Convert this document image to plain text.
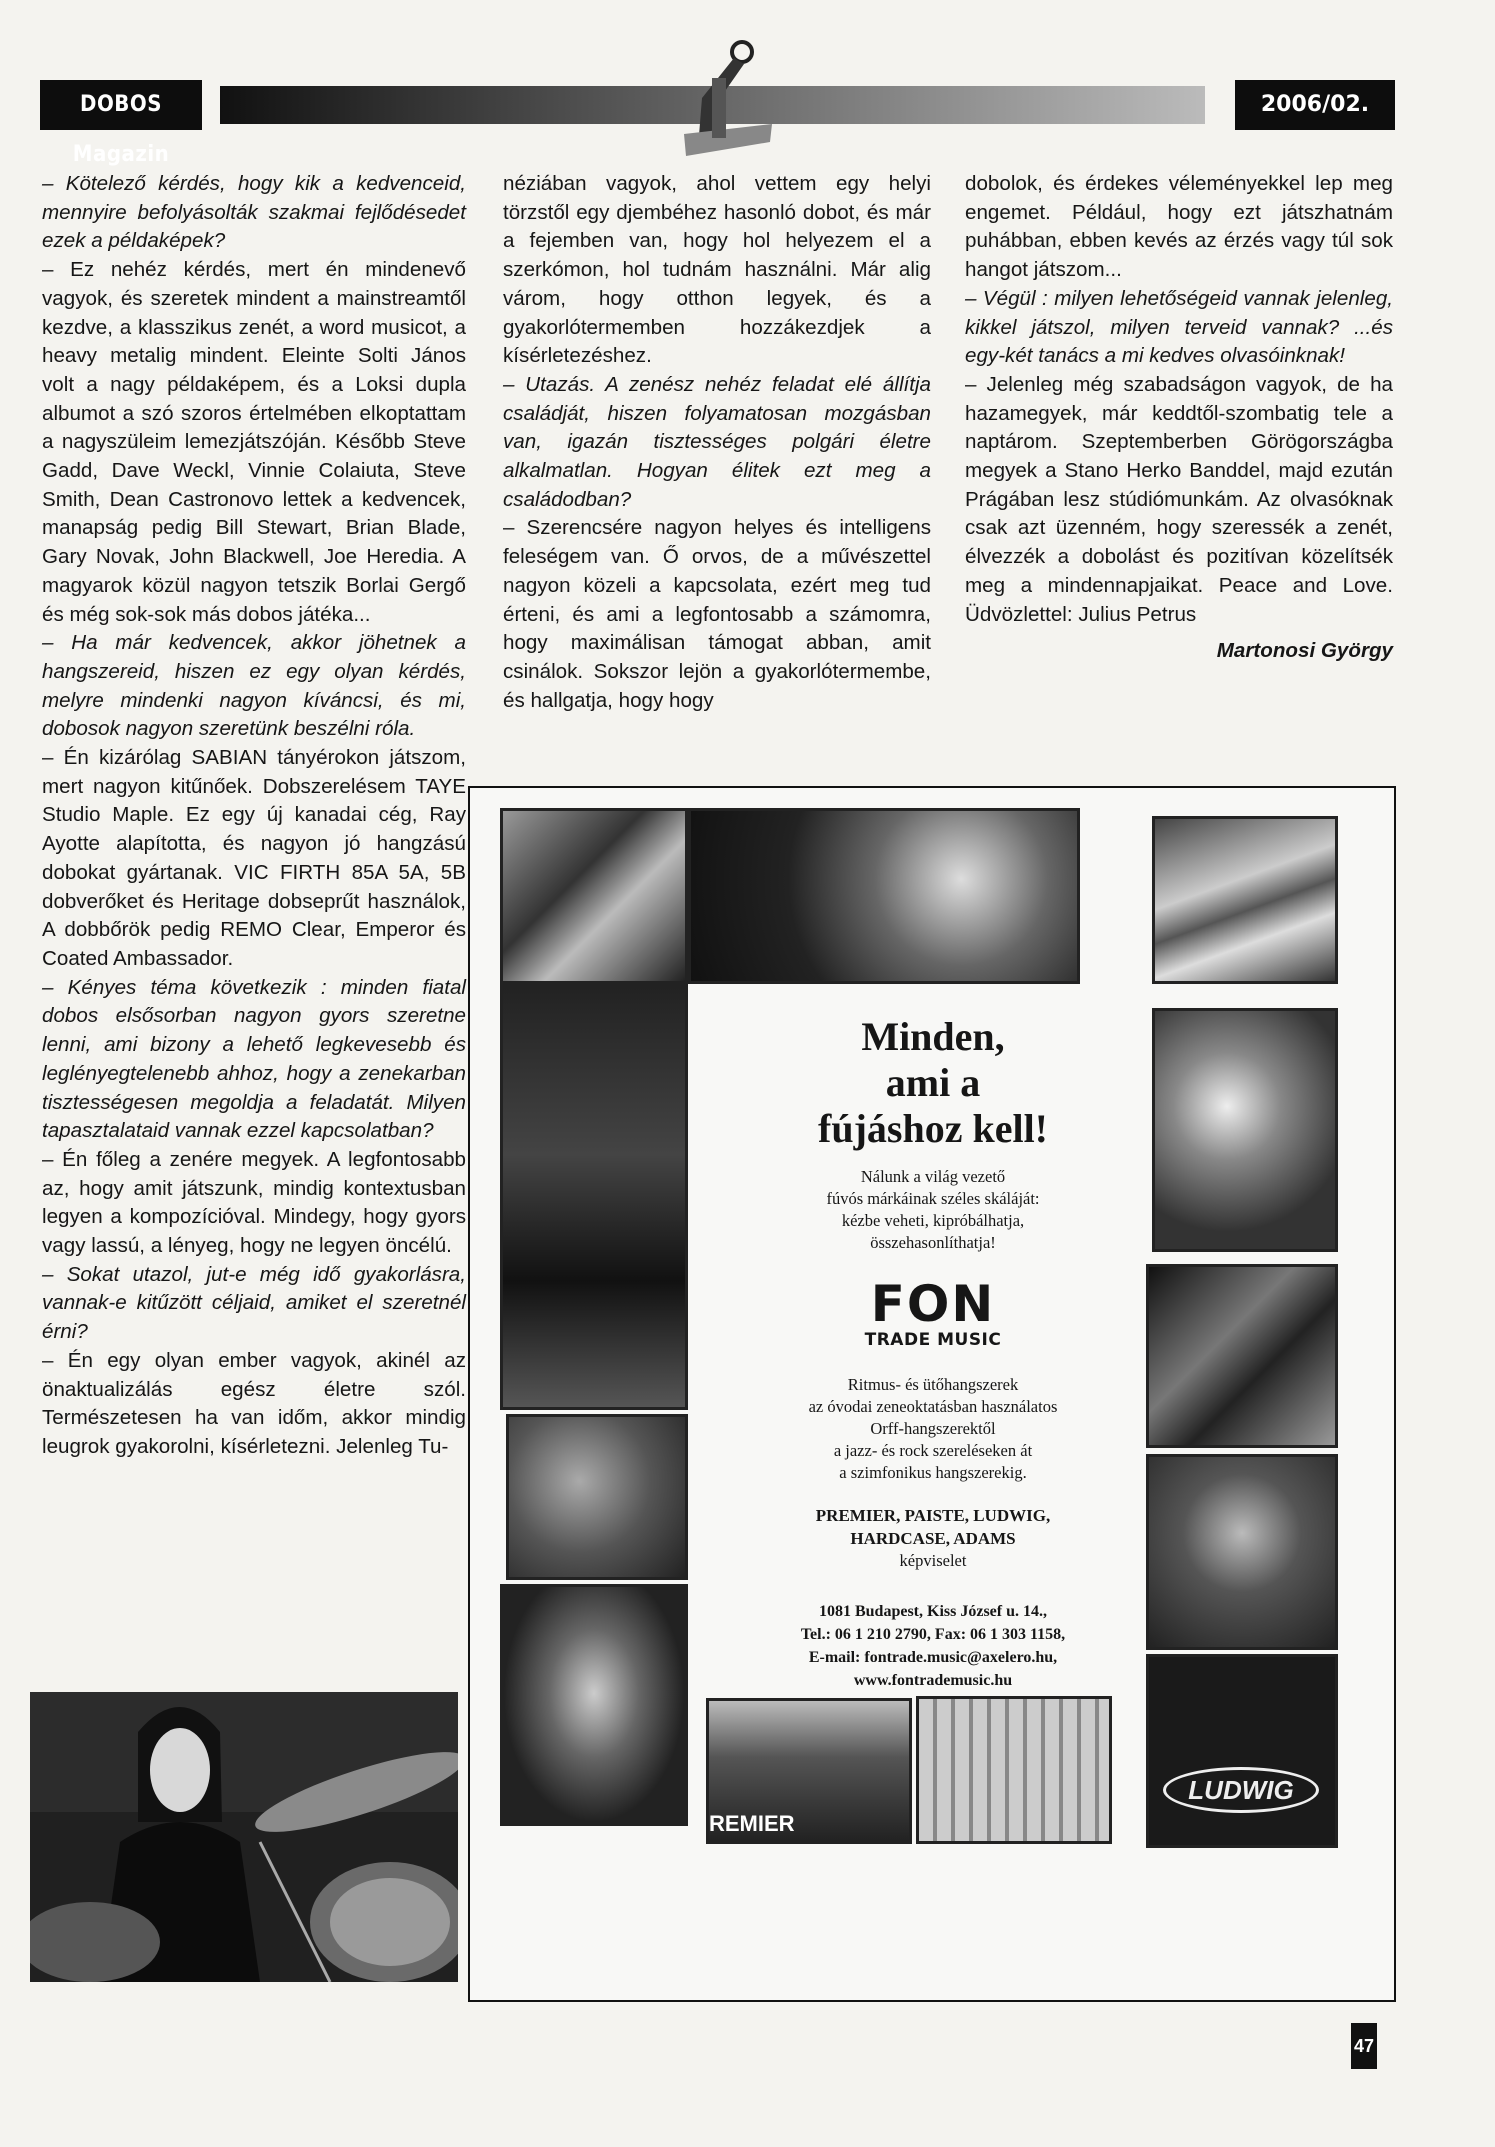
DOBOS Magazin
2006/02.

– Kötelező kérdés, hogy kik a kedvenceid, mennyire befolyásolták szakmai fejlődésedet ezek a példaképek?

– Ez nehéz kérdés, mert én mindenevő vagyok, és szeretek mindent a mainstreamtől kezdve, a klasszikus zenét, a word musicot, a heavy metalig mindent. Eleinte Solti János volt a nagy példaképem, és a Loksi dupla albumot a szó szoros értelmében elkoptattam a nagyszüleim lemezjátszóján. Később Steve Gadd, Dave Weckl, Vinnie Colaiuta, Steve Smith, Dean Castronovo lettek a kedvencek, manapság pedig Bill Stewart, Brian Blade, Gary Novak, John Blackwell, Joe Heredia. A magyarok közül nagyon tetszik Borlai Gergő és még sok-sok más dobos játéka...

– Ha már kedvencek, akkor jöhetnek a hangszereid, hiszen ez egy olyan kérdés, melyre mindenki nagyon kíváncsi, és mi, dobosok nagyon szeretünk beszélni róla.

– Én kizárólag SABIAN tányérokon játszom, mert nagyon kitűnőek. Dobszerelésem TAYE Studio Maple. Ez egy új kanadai cég, Ray Ayotte alapította, és nagyon jó hangzású dobokat gyártanak. VIC FIRTH 85A 5A, 5B dobverőket és Heritage dobseprűt használok, A dobbőrök pedig REMO Clear, Emperor és Coated Ambassador.

– Kényes téma következik : minden fiatal dobos elsősorban nagyon gyors szeretne lenni, ami bizony a lehető legkevesebb és leglényegtelenebb ahhoz, hogy a zenekarban tisztességesen megoldja a feladatát. Milyen tapasztalataid vannak ezzel kapcsolatban?

– Én főleg a zenére megyek. A legfontosabb az, hogy amit játszunk, mindig kontextusban legyen a kompozícióval. Mindegy, hogy gyors vagy lassú, a lényeg, hogy ne legyen öncélú.

– Sokat utazol, jut-e még idő gyakorlásra, vannak-e kitűzött céljaid, amiket el szeretnél érni?

– Én egy olyan ember vagyok, akinél az önaktualizálás egész életre szól. Természetesen ha van időm, akkor mindig leugrok gyakorolni, kísérletezni. Jelenleg Tu-

néziában vagyok, ahol vettem egy helyi törzstől egy djembéhez hasonló dobot, és már a fejemben van, hogy hol helyezem el a szerkómon, hol tudnám használni. Már alig várom, hogy otthon legyek, és a gyakorlótermemben hozzákezdjek a kísérletezéshez.

– Utazás. A zenész nehéz feladat elé állítja családját, hiszen folyamatosan mozgásban van, igazán tisztességes polgári életre alkalmatlan. Hogyan élitek ezt meg a családodban?

– Szerencsére nagyon helyes és intelligens feleségem van. Ő orvos, de a művészettel nagyon közeli a kapcsolata, ezért meg tud érteni, és ami a legfontosabb a számomra, hogy maximálisan támogat abban, amit csinálok. Sokszor lejön a gyakorlótermembe, és hallgatja, hogy hogy

dobolok, és érdekes véleményekkel lep meg engemet. Például, hogy ezt játszhatnám puhábban, ebben kevés az érzés vagy túl sok hangot játszom...

– Végül : milyen lehetőségeid vannak jelenleg, kikkel játszol, milyen terveid vannak? ...és egy-két tanács a mi kedves olvasóinknak!

– Jelenleg még szabadságon vagyok, de ha hazamegyek, már keddtől-szombatig tele a naptárom. Szeptemberben Görögországba megyek a Stano Herko Banddel, majd ezután Prágában lesz stúdiómunkám. Az olvasóknak csak azt üzenném, hogy szeressék a zenét, élvezzék a dobolást és pozitívan közelítsék meg a mindennapjaikat. Peace and Love. Üdvözlettel: Julius Petrus

Martonosi György

LUDWIG
REMIER

Minden,

ami a

fújáshoz kell!

Nálunk a világ vezető

fúvós márkáinak széles skáláját:

kézbe veheti, kipróbálhatja,

összehasonlíthatja!

FON
TRADE MUSIC

Ritmus- és ütőhangszerek

az óvodai zeneoktatásban használatos

Orff-hangszerektől

a jazz- és rock szereléseken át

a szimfonikus hangszerekig.

PREMIER, PAISTE, LUDWIG,

HARDCASE, ADAMS

képviselet

1081 Budapest, Kiss József u. 14.,

Tel.: 06 1 210 2790, Fax: 06 1 303 1158,

E-mail: fontrade.music@axelero.hu,

www.fontrademusic.hu

47
